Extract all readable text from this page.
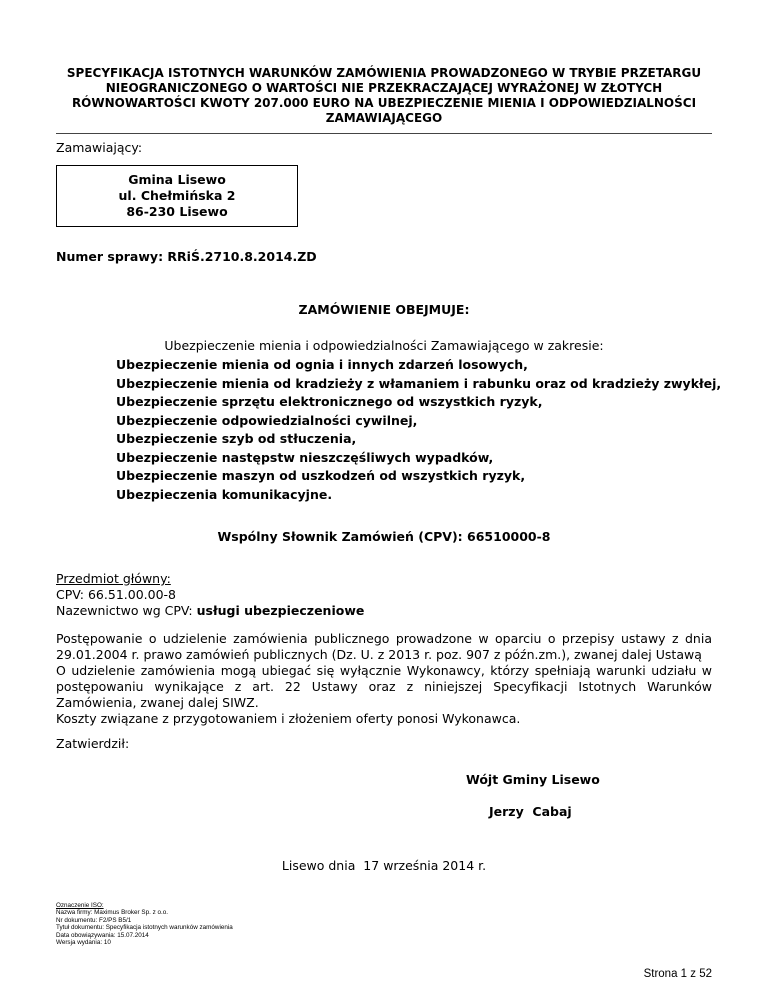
SPECYFIKACJA ISTOTNYCH WARUNKÓW ZAMÓWIENIA PROWADZONEGO W TRYBIE PRZETARGU
NIEOGRANICZONEGO O WARTOŚCI NIE PRZEKRACZAJĄCEJ WYRAŻONEJ W ZŁOTYCH
RÓWNOWARTOŚCI KWOTY 207.000 EURO NA UBEZPIECZENIE MIENIA I ODPOWIEDZIALNOŚCI
ZAMAWIAJĄCEGO
Zamawiający:
Gmina Lisewo
ul. Chełmińska 2
86-230 Lisewo
Numer sprawy: RRiŚ.2710.8.2014.ZD
ZAMÓWIENIE OBEJMUJE:
Ubezpieczenie mienia i odpowiedzialności Zamawiającego w zakresie:
Ubezpieczenie mienia od ognia i innych zdarzeń losowych,
Ubezpieczenie mienia od kradzieży z włamaniem i rabunku oraz od kradzieży zwykłej,
Ubezpieczenie sprzętu elektronicznego od wszystkich ryzyk,
Ubezpieczenie odpowiedzialności cywilnej,
Ubezpieczenie szyb od stłuczenia,
Ubezpieczenie następstw nieszczęśliwych wypadków,
Ubezpieczenie maszyn od uszkodzeń od wszystkich ryzyk,
Ubezpieczenia komunikacyjne.
Wspólny Słownik Zamówień (CPV): 66510000-8
Przedmiot główny:
CPV: 66.51.00.00-8
Nazewnictwo wg CPV: usługi ubezpieczeniowe
Postępowanie o udzielenie zamówienia publicznego prowadzone w oparciu o przepisy ustawy z dnia 29.01.2004 r. prawo zamówień publicznych (Dz. U. z 2013 r. poz. 907 z późn.zm.), zwanej dalej Ustawą
O udzielenie zamówienia mogą ubiegać się wyłącznie Wykonawcy, którzy spełniają warunki udziału w postępowaniu wynikające z art. 22 Ustawy oraz z niniejszej Specyfikacji Istotnych Warunków Zamówienia, zwanej dalej SIWZ.
Koszty związane z przygotowaniem i złożeniem oferty ponosi Wykonawca.
Zatwierdził:
Wójt Gminy Lisewo
Jerzy  Cabaj
Lisewo dnia  17 września 2014 r.
Oznaczenie ISO:
Nazwa firmy: Maximus Broker Sp. z o.o.
Nr dokumentu: F2/PS B5/1
Tytuł dokumentu: Specyfikacja istotnych warunków zamówienia
Data obowiązywania: 15.07.2014
Wersja wydania: 10
Strona 1 z 52
